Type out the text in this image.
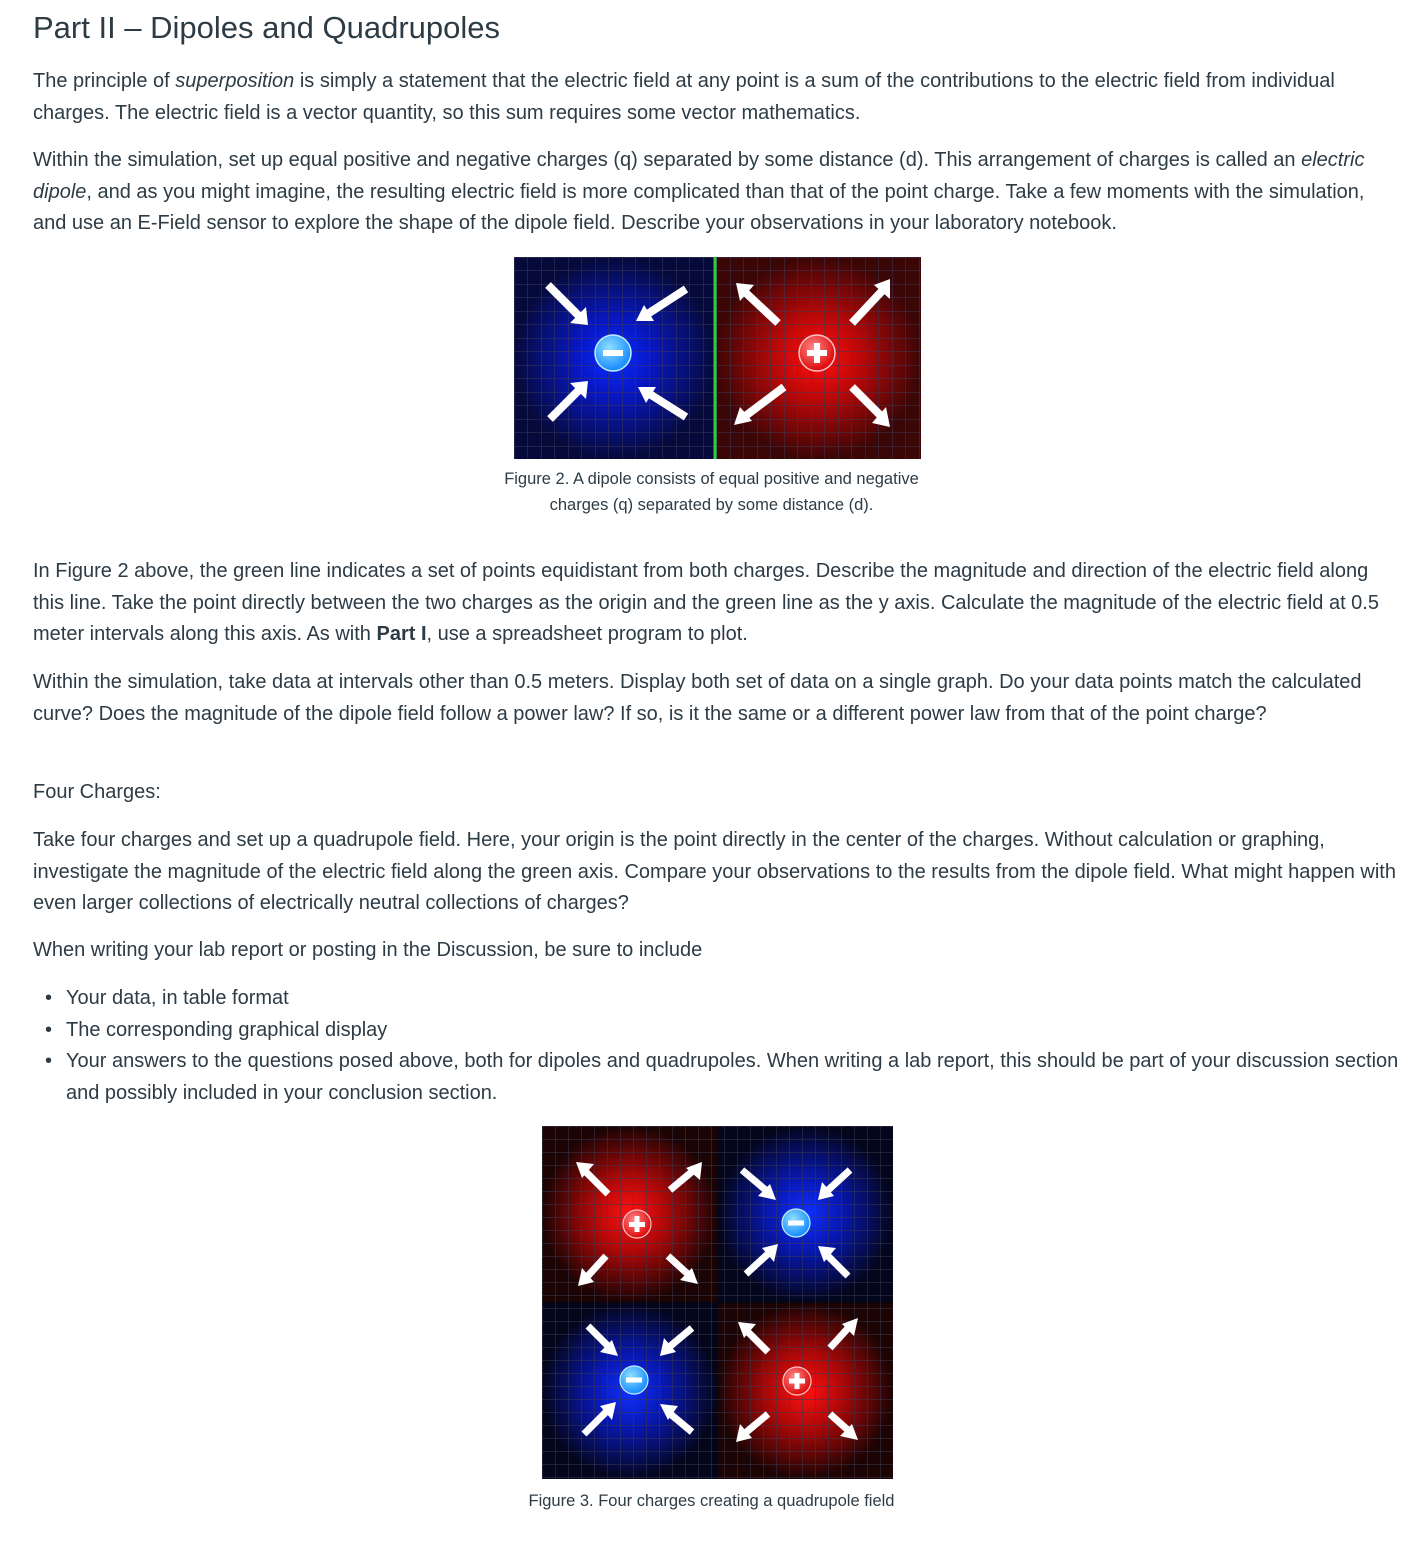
Part II – Dipoles and Quadrupoles

The principle of superposition is simply a statement that the electric field at any point is a sum of the contributions to the electric field from individual charges. The electric field is a vector quantity, so this sum requires some vector mathematics.

Within the simulation, set up equal positive and negative charges (q) separated by some distance (d). This arrangement of charges is called an electric dipole, and as you might imagine, the resulting electric field is more complicated than that of the point charge. Take a few moments with the simulation, and use an E-Field sensor to explore the shape of the dipole field. Describe your observations in your laboratory notebook.

In Figure 2 above, the green line indicates a set of points equidistant from both charges. Describe the magnitude and direction of the electric field along this line. Take the point directly between the two charges as the origin and the green line as the y axis. Calculate the magnitude of the electric field at 0.5 meter intervals along this axis. As with Part I, use a spreadsheet program to plot.

Within the simulation, take data at intervals other than 0.5 meters. Display both set of data on a single graph. Do your data points match the calculated curve? Does the magnitude of the dipole field follow a power law? If so, is it the same or a different power law from that of the point charge?

Four Charges:

Take four charges and set up a quadrupole field. Here, your origin is the point directly in the center of the charges. Without calculation or graphing, investigate the magnitude of the electric field along the green axis. Compare your observations to the results from the dipole field. What might happen with even larger collections of electrically neutral collections of charges?

When writing your lab report or posting in the Discussion, be sure to include

• Your data, in table format
• The corresponding graphical display
• Your answers to the questions posed above, both for dipoles and quadrupoles. When writing a lab report, this should be part of your discussion section and possibly included in your conclusion section.
Figure 2. A dipole consists of equal positive and negative
charges (q) separated by some distance (d).
Figure 3. Four charges creating a quadrupole field
